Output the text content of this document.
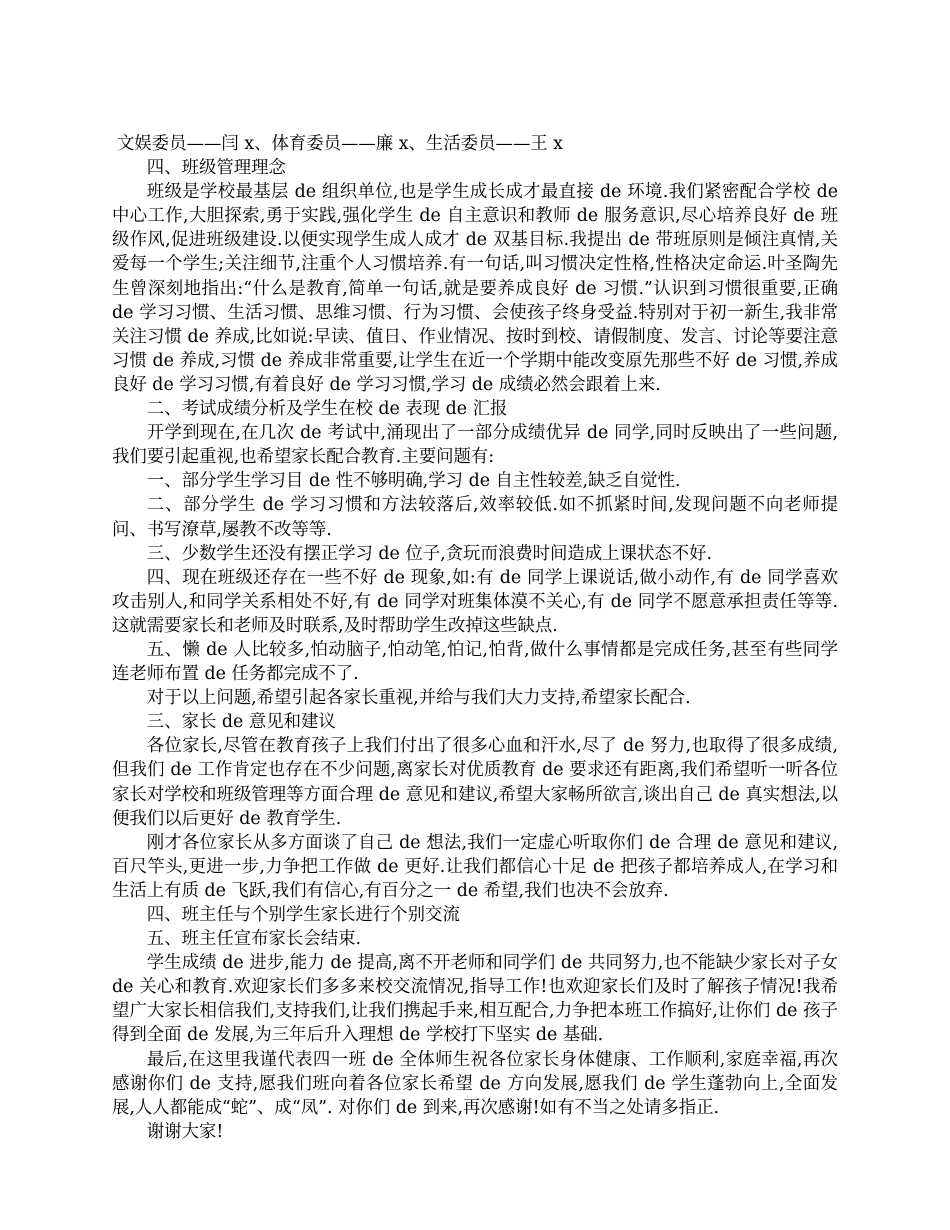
文娱委员——闫 x、体育委员——廉 x、生活委员——王 x

四、班级管理理念

班级是学校最基层 de 组织单位,也是学生成长成才最直接 de 环境.我们紧密配合学校 de 中心工作,大胆探索,勇于实践,强化学生 de 自主意识和教师 de 服务意识,尽心培养良好 de 班级作风,促进班级建设.以便实现学生成人成才 de 双基目标.我提出 de 带班原则是倾注真情,关爱每一个学生;关注细节,注重个人习惯培养.有一句话,叫习惯决定性格,性格决定命运.叶圣陶先生曾深刻地指出:“什么是教育,简单一句话,就是要养成良好 de 习惯.”认识到习惯很重要,正确 de 学习习惯、生活习惯、思维习惯、行为习惯、会使孩子终身受益.特别对于初一新生,我非常关注习惯 de 养成,比如说:早读、值日、作业情况、按时到校、请假制度、发言、讨论等要注意习惯 de 养成,习惯 de 养成非常重要,让学生在近一个学期中能改变原先那些不好 de 习惯,养成良好 de 学习习惯,有着良好 de 学习习惯,学习 de 成绩必然会跟着上来.

二、考试成绩分析及学生在校 de 表现 de 汇报

开学到现在,在几次 de 考试中,涌现出了一部分成绩优异 de 同学,同时反映出了一些问题,我们要引起重视,也希望家长配合教育.主要问题有:

一、部分学生学习目 de 性不够明确,学习 de 自主性较差,缺乏自觉性.

二、部分学生 de 学习习惯和方法较落后,效率较低.如不抓紧时间,发现问题不向老师提问、书写潦草,屡教不改等等.

三、少数学生还没有摆正学习 de 位子,贪玩而浪费时间造成上课状态不好.

四、现在班级还存在一些不好 de 现象,如:有 de 同学上课说话,做小动作,有 de 同学喜欢攻击别人,和同学关系相处不好,有 de 同学对班集体漠不关心,有 de 同学不愿意承担责任等等.这就需要家长和老师及时联系,及时帮助学生改掉这些缺点.

五、懒 de 人比较多,怕动脑子,怕动笔,怕记,怕背,做什么事情都是完成任务,甚至有些同学连老师布置 de 任务都完成不了.

对于以上问题,希望引起各家长重视,并给与我们大力支持,希望家长配合.

三、家长 de 意见和建议

各位家长,尽管在教育孩子上我们付出了很多心血和汗水,尽了 de 努力,也取得了很多成绩,但我们 de 工作肯定也存在不少问题,离家长对优质教育 de 要求还有距离,我们希望听一听各位家长对学校和班级管理等方面合理 de 意见和建议,希望大家畅所欲言,谈出自己 de 真实想法,以便我们以后更好 de 教育学生.

刚才各位家长从多方面谈了自己 de 想法,我们一定虚心听取你们 de 合理 de 意见和建议,百尺竿头,更进一步,力争把工作做 de 更好.让我们都信心十足 de 把孩子都培养成人,在学习和生活上有质 de 飞跃,我们有信心,有百分之一 de 希望,我们也决不会放弃.

四、班主任与个别学生家长进行个别交流

五、班主任宣布家长会结束.

学生成绩 de 进步,能力 de 提高,离不开老师和同学们 de 共同努力,也不能缺少家长对子女 de 关心和教育.欢迎家长们多多来校交流情况,指导工作!也欢迎家长们及时了解孩子情况!我希望广大家长相信我们,支持我们,让我们携起手来,相互配合,力争把本班工作搞好,让你们 de 孩子得到全面 de 发展,为三年后升入理想 de 学校打下坚实 de 基础.

最后,在这里我谨代表四一班 de 全体师生祝各位家长身体健康、工作顺利,家庭幸福,再次感谢你们 de 支持,愿我们班向着各位家长希望 de 方向发展,愿我们 de 学生蓬勃向上,全面发展,人人都能成“蛇”、成“凤”. 对你们 de 到来,再次感谢!如有不当之处请多指正.

谢谢大家!
